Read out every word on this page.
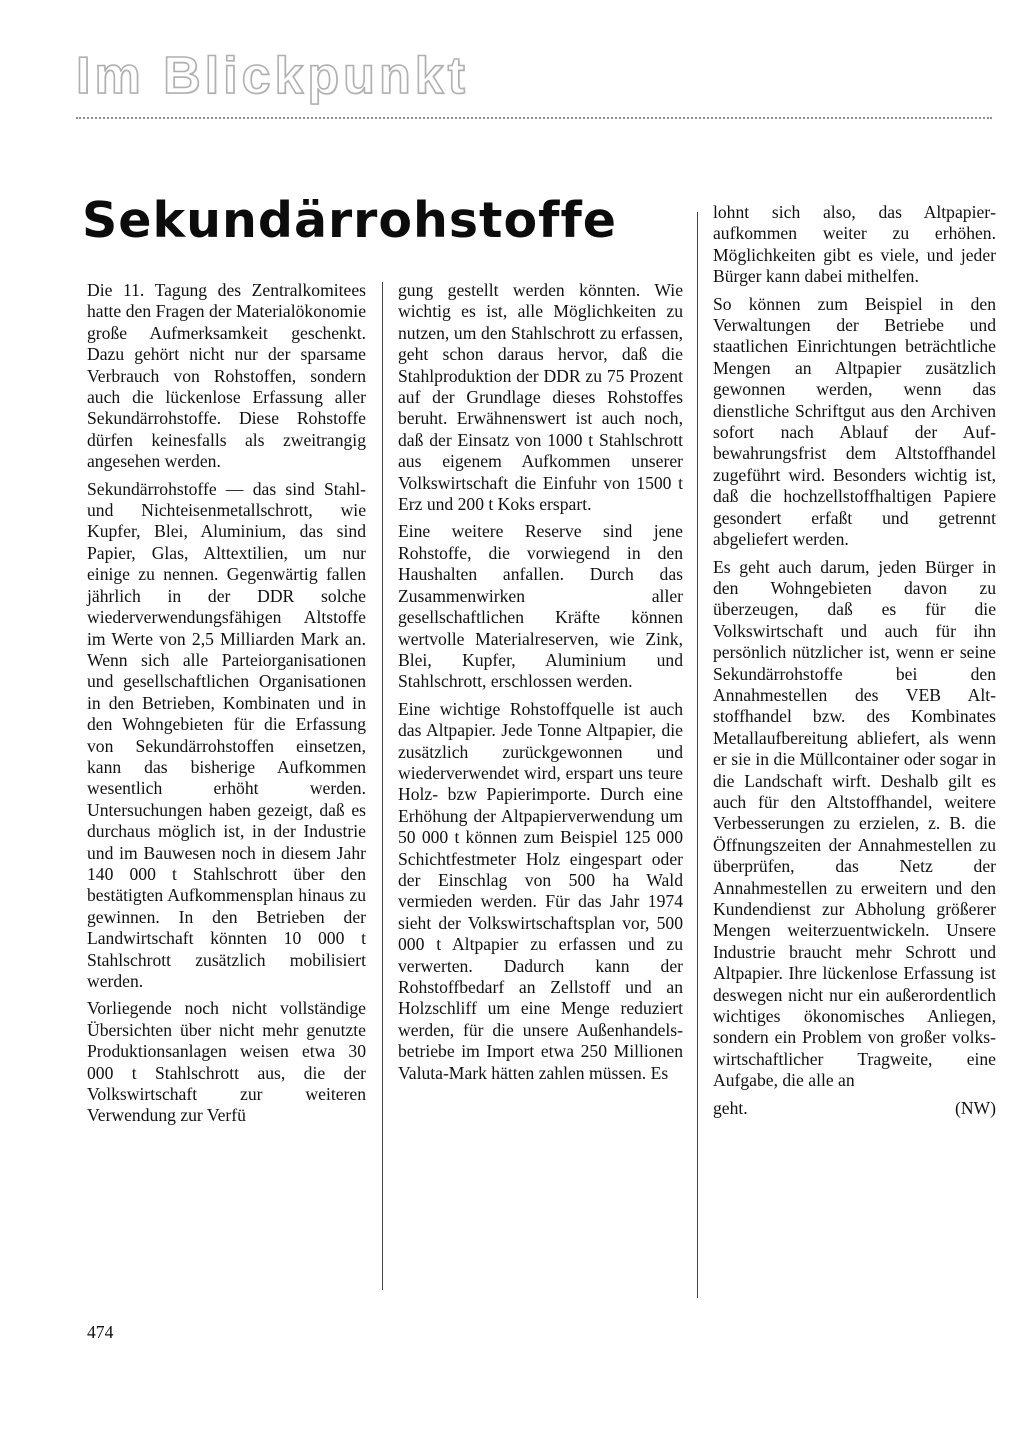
Im Blickpunkt
Sekundärrohstoffe

Die 11. Tagung des Zentralkomitees hatte den Fragen der Materialökonomie große Aufmerksamkeit geschenkt. Dazu gehört nicht nur der sparsame Verbrauch von Rohstoffen, sondern auch die lückenlose Erfassung aller Sekundärrohstoffe. Diese Rohstoffe dürfen keinesfalls als zweitrangig angesehen werden.

Sekundärrohstoffe — das sind Stahl- und Nichteisenmetallschrott, wie Kupfer, Blei, Aluminium, das sind Papier, Glas, Alttextilien, um nur einige zu nennen. Gegenwärtig fallen jährlich in der DDR solche wiederverwendungsfähigen Altstoffe im Werte von 2,5 Milliarden Mark an. Wenn sich alle Parteiorganisationen und gesellschaftlichen Organisationen in den Betrieben, Kombinaten und in den Wohngebieten für die Erfassung von Sekundärrohstoffen einsetzen, kann das bisherige Aufkommen wesentlich erhöht werden. Untersuchungen haben gezeigt, daß es durchaus möglich ist, in der Industrie und im Bauwesen noch in diesem Jahr 140 000 t Stahlschrott über den bestätigten Aufkommensplan hinaus zu gewinnen. In den Betrieben der Landwirtschaft könnten 10 000 t Stahlschrott zusätzlich mobilisiert werden.

Vorliegende noch nicht vollständige Übersichten über nicht mehr genutzte Produktionsanlagen weisen etwa 30 000 t Stahlschrott aus, die der Volkswirtschaft zur weiteren Verwendung zur Verfü

gung gestellt werden könnten. Wie wichtig es ist, alle Möglichkeiten zu nutzen, um den Stahlschrott zu erfassen, geht schon daraus hervor, daß die Stahlproduktion der DDR zu 75 Prozent auf der Grundlage dieses Rohstoffes beruht. Erwähnenswert ist auch noch, daß der Einsatz von 1000 t Stahlschrott aus eigenem Aufkommen unserer Volkswirtschaft die Einfuhr von 1500 t Erz und 200 t Koks erspart.

Eine weitere Reserve sind jene Rohstoffe, die vorwiegend in den Haushalten anfallen. Durch das Zusammenwirken aller gesellschaftlichen Kräfte können wertvolle Materialreserven, wie Zink, Blei, Kupfer, Aluminium und Stahlschrott, erschlossen werden.

Eine wichtige Rohstoffquelle ist auch das Altpapier. Jede Tonne Altpapier, die zusätzlich zurückgewonnen und wiederverwendet wird, erspart uns teure Holz- bzw Papierimporte. Durch eine Erhöhung der Altpapierverwendung um 50 000 t können zum Beispiel 125 000 Schichtfestmeter Holz eingespart oder der Einschlag von 500 ha Wald vermieden werden. Für das Jahr 1974 sieht der Volkswirtschaftsplan vor, 500 000 t Altpapier zu erfassen und zu verwerten. Dadurch kann der Rohstoffbedarf an Zellstoff und an Holzschliff um eine Menge reduziert werden, für die unsere Außenhandelsbetriebe im Import etwa 250 Millionen Valuta-Mark hätten zahlen müssen. Es

lohnt sich also, das Altpapieraufkommen weiter zu erhöhen. Möglichkeiten gibt es viele, und jeder Bürger kann dabei mithelfen.

So können zum Beispiel in den Verwaltungen der Betriebe und staatlichen Einrichtungen beträchtliche Mengen an Altpapier zusätzlich gewonnen werden, wenn das dienstliche Schriftgut aus den Archiven sofort nach Ablauf der Aufbewahrungsfrist dem Altstoffhandel zugeführt wird. Besonders wichtig ist, daß die hochzellstoffhaltigen Papiere gesondert erfaßt und getrennt abgeliefert werden.

Es geht auch darum, jeden Bürger in den Wohngebieten davon zu überzeugen, daß es für die Volkswirtschaft und auch für ihn persönlich nützlicher ist, wenn er seine Sekundärrohstoffe bei den Annahmestellen des VEB Altstoffhandel bzw. des Kombinates Metallaufbereitung abliefert, als wenn er sie in die Müllcontainer oder sogar in die Landschaft wirft. Deshalb gilt es auch für den Altstoffhandel, weitere Verbesserungen zu erzielen, z. B. die Öffnungszeiten der Annahmestellen zu überprüfen, das Netz der Annahmestellen zu erweitern und den Kundendienst zur Abholung größerer Mengen weiterzuentwickeln. Unsere Industrie braucht mehr Schrott und Altpapier. Ihre lückenlose Erfassung ist deswegen nicht nur ein außerordentlich wichtiges ökonomisches Anliegen, sondern ein Problem von großer volkswirtschaftlicher Tragweite, eine Aufgabe, die alle an

geht.	(NW)
474
